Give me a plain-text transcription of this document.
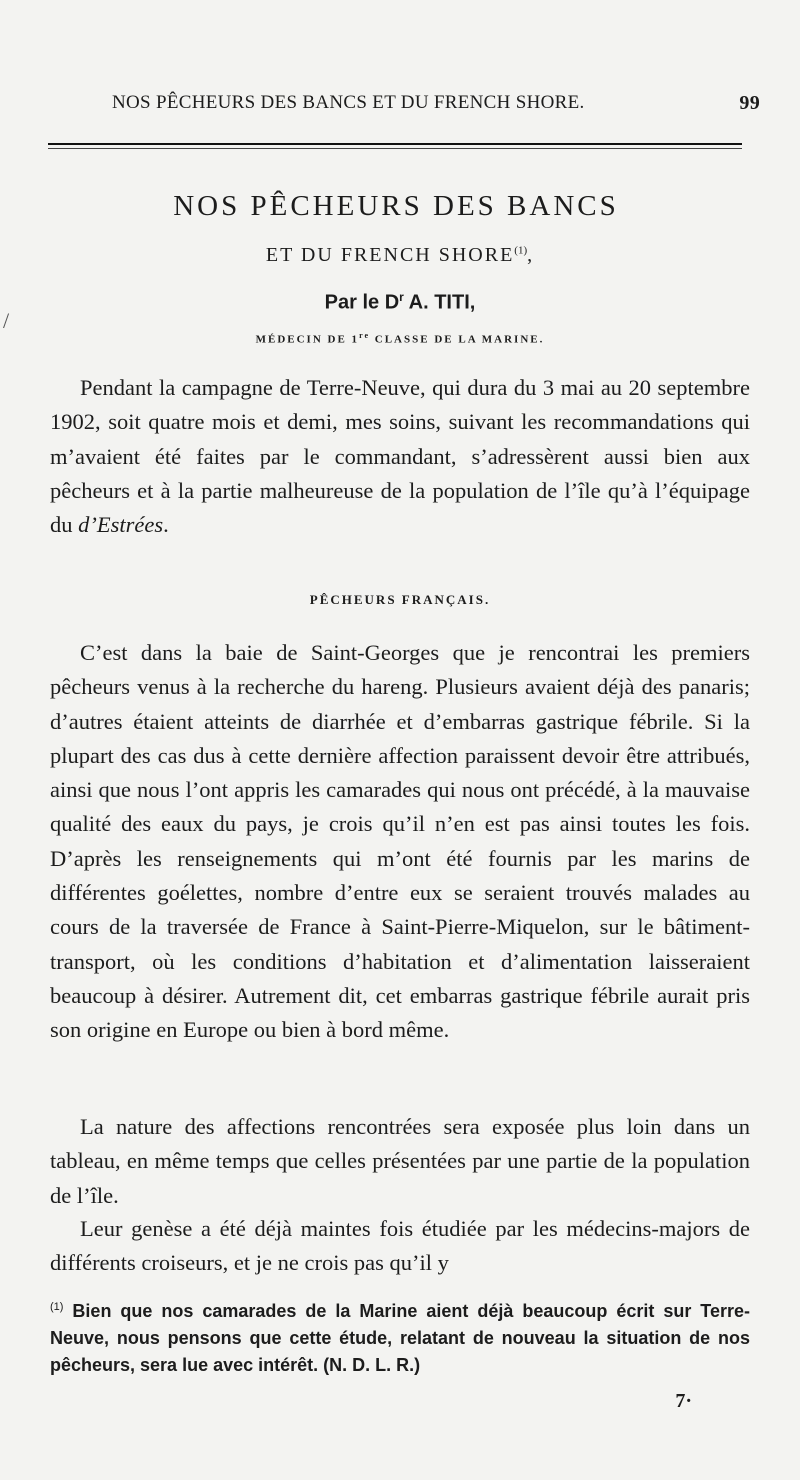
NOS PÊCHEURS DES BANCS ET DU FRENCH SHORE.	99
/
NOS PÊCHEURS DES BANCS
ET DU FRENCH SHORE$^{(1)}$,
Par le $D^r$ A. TITI,
MÉDECIN DE 1re CLASSE DE LA MARINE.

Pendant la campagne de Terre-Neuve, qui dura du 3 mai au 20 septembre 1902, soit quatre mois et demi, mes soins, suivant les recommandations qui m’avaient été faites par le commandant, s’adressèrent aussi bien aux pêcheurs et à la partie malheureuse de la population de l’île qu’à l’équipage du d’Estrées.

PÊCHEURS FRANÇAIS.

C’est dans la baie de Saint-Georges que je rencontrai les premiers pêcheurs venus à la recherche du hareng. Plusieurs avaient déjà des panaris; d’autres étaient atteints de diarrhée et d’embarras gastrique fébrile. Si la plupart des cas dus à cette dernière affection paraissent devoir être attribués, ainsi que nous l’ont appris les camarades qui nous ont précédé, à la mauvaise qualité des eaux du pays, je crois qu’il n’en est pas ainsi toutes les fois. D’après les renseignements qui m’ont été fournis par les marins de différentes goélettes, nombre d’entre eux se seraient trouvés malades au cours de la traversée de France à Saint-Pierre-Miquelon, sur le bâtiment-transport, où les conditions d’habitation et d’alimentation laisseraient beaucoup à désirer. Autrement dit, cet embarras gastrique fébrile aurait pris son origine en Europe ou bien à bord même.

La nature des affections rencontrées sera exposée plus loin dans un tableau, en même temps que celles présentées par une partie de la population de l’île.

Leur genèse a été déjà maintes fois étudiée par les médecins-majors de différents croiseurs, et je ne crois pas qu’il y

$^{(1)}$ Bien que nos camarades de la Marine aient déjà beaucoup écrit sur Terre-Neuve, nous pensons que cette étude, relatant de nouveau la situation de nos pêcheurs, sera lue avec intérêt. (N. D. L. R.)
7·
